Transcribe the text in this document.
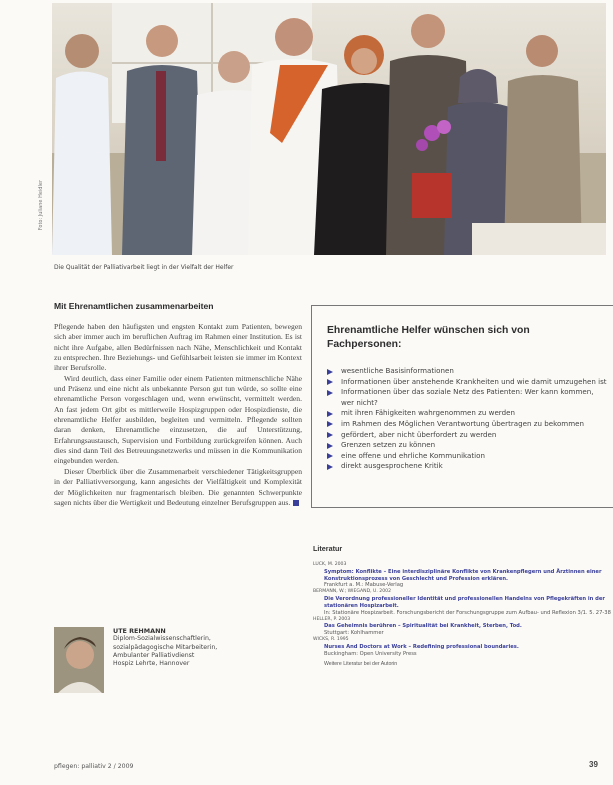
Foto: Juliane Heidler
Die Qualität der Palliativarbeit liegt in der Vielfalt der Helfer
Mit Ehrenamtlichen zusammenarbeiten

Pflegende haben den häufigsten und engsten Kontakt zum Patienten, bewegen sich aber immer auch im beruflichen Auftrag im Rahmen einer Institution. Es ist nicht ihre Aufgabe, allen Bedürfnissen nach Nähe, Menschlichkeit und Kontakt zu entsprechen. Ihre Beziehungs- und Gefühlsarbeit leisten sie immer im Kontext ihrer Berufsrolle.

Wird deutlich, dass einer Familie oder einem Patienten mitmenschliche Nähe und Präsenz und eine nicht als unbekannte Person gut tun würde, so sollte eine ehrenamtliche Person vorgeschlagen und, wenn erwünscht, vermittelt werden. An fast jedem Ort gibt es mittlerweile Hospizgruppen oder Hospizdienste, die ehrenamtliche Helfer ausbilden, begleiten und vermitteln. Pflegende sollten daran denken, Ehrenamtliche einzusetzen, die auf Unterstützung, Erfahrungsaustausch, Supervision und Fortbildung zurückgreifen können. Auch dies sind dann Teil des Betreuungsnetzwerks und müssen in die Kommunikation eingebunden werden.

Dieser Überblick über die Zusammenarbeit verschiedener Tätigkeitsgruppen in der Palliativversorgung, kann angesichts der Vielfältigkeit und Komplexität der Möglichkeiten nur fragmentarisch bleiben. Die genannten Schwerpunkte sagen nichts über die Wertigkeit und Bedeutung einzelner Berufsgruppen aus.

UTE REHMANN
Diplom-Sozialwissenschaftlerin,
sozialpädagogische Mitarbeiterin,
Ambulanter Palliativdienst
Hospiz Lehrte, Hannover
Ehrenamtliche Helfer wünschen sich von Fachpersonen:
wesentliche Basisinformationen
Informationen über anstehende Krankheiten und wie damit umzugehen ist
Informationen über das soziale Netz des Patienten: Wer kann kommen, wer nicht?
mit ihren Fähigkeiten wahrgenommen zu werden
im Rahmen des Möglichen Verantwortung übertragen zu bekommen
gefördert, aber nicht überfordert zu werden
Grenzen setzen zu können
eine offene und ehrliche Kommunikation
direkt ausgesprochene Kritik
Literatur
LUCK, M. 2003
Symptom: Konflikte – Eine interdisziplinäre Konflikte von Krankenpflegern und Ärztinnen einer Konstruktionsprozess von Geschlecht und Profession erklären.
Frankfurt a. M.: Mabuse-Verlag
BERMANN, W.; WIEGAND, U. 2002
Die Verordnung professioneller Identität und professionellen Handelns von Pflegekräften in der stationären Hospizarbeit.
In: Stationäre Hospizarbeit. Forschungsbericht der Forschungsgruppe zum Aufbau- und Reflexion 3/1. 5. 27-38
HELLER, P. 2003
Das Geheimnis berühren – Spiritualität bei Krankheit, Sterben, Tod.
Stuttgart: Kohlhammer
WICKS, R. 1995
Nurses And Doctors at Work – Redefining professional boundaries.
Buckingham: Open University Press
Weitere Literatur bei der Autorin
pflegen: palliativ 2 / 2009	39
